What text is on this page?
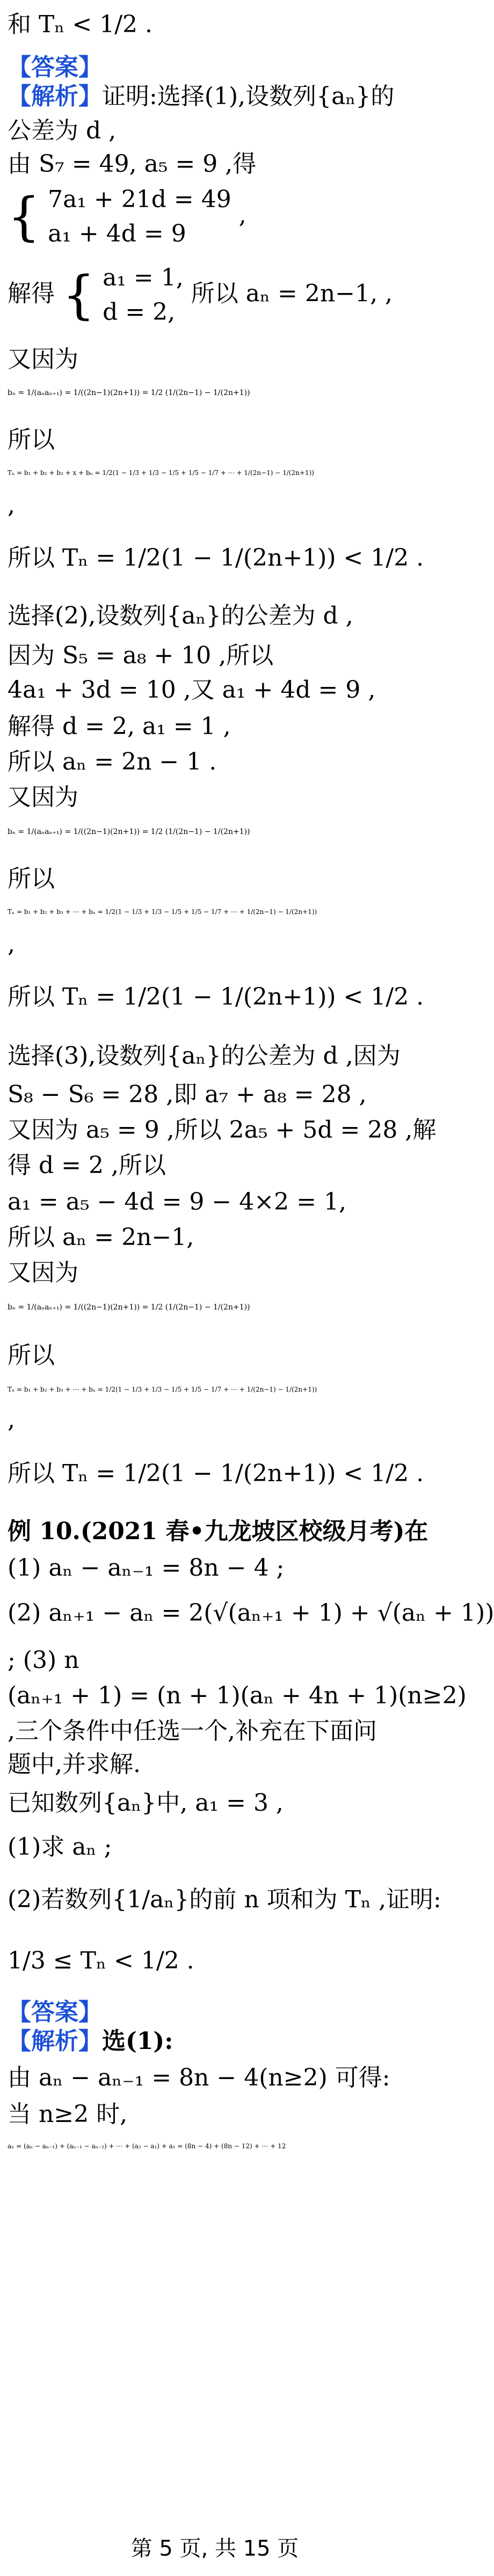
和 Tₙ < 1/2 .
【答案】
【解析】证明:选择(1),设数列{aₙ}的
公差为 d ,
由 S₇ = 49, a₅ = 9 ,得
{ 7a₁ + 21d = 49
a₁ + 4d = 9
,
解得 { a₁ = 1,
d = 2,
所以 aₙ = 2n−1, ,
又因为
bₙ = 1/(aₙaₙ₊₁) = 1/((2n−1)(2n+1)) = 1/2 (1/(2n−1) − 1/(2n+1))
所以
Tₙ = b₁ + b₂ + b₃ + x + bₙ = 1/2(1 − 1/3 + 1/3 − 1/5 + 1/5 − 1/7 + ⋯ + 1/(2n−1) − 1/(2n+1))
,
所以 Tₙ = 1/2(1 − 1/(2n+1)) < 1/2 .
选择(2),设数列{aₙ}的公差为 d ,
因为 S₅ = a₈ + 10 ,所以
4a₁ + 3d = 10 ,又 a₁ + 4d = 9 ,
解得 d = 2, a₁ = 1 ,
所以 aₙ = 2n − 1 .
又因为
bₙ = 1/(aₙaₙ₊₁) = 1/((2n−1)(2n+1)) = 1/2 (1/(2n−1) − 1/(2n+1))
所以
Tₙ = b₁ + b₂ + b₃ + ⋯ + bₙ = 1/2(1 − 1/3 + 1/3 − 1/5 + 1/5 − 1/7 + ⋯ + 1/(2n−1) − 1/(2n+1))
,
所以 Tₙ = 1/2(1 − 1/(2n+1)) < 1/2 .
选择(3),设数列{aₙ}的公差为 d ,因为
S₈ − S₆ = 28 ,即 a₇ + a₈ = 28 ,
又因为 a₅ = 9 ,所以 2a₅ + 5d = 28 ,解
得 d = 2 ,所以
a₁ = a₅ − 4d = 9 − 4×2 = 1,
所以 aₙ = 2n−1,
又因为
bₙ = 1/(aₙaₙ₊₁) = 1/((2n−1)(2n+1)) = 1/2 (1/(2n−1) − 1/(2n+1))
所以
Tₙ = b₁ + b₂ + b₃ + ⋯ + bₙ = 1/2(1 − 1/3 + 1/3 − 1/5 + 1/5 − 1/7 + ⋯ + 1/(2n−1) − 1/(2n+1))
,
所以 Tₙ = 1/2(1 − 1/(2n+1)) < 1/2 .
例 10.(2021 春•九龙坡区校级月考)在
(1) aₙ − aₙ₋₁ = 8n − 4 ;
(2) aₙ₊₁ − aₙ = 2(√(aₙ₊₁ + 1) + √(aₙ + 1))
; (3) n
(aₙ₊₁ + 1) = (n + 1)(aₙ + 4n + 1)(n≥2)
,三个条件中任选一个,补充在下面问
题中,并求解.
已知数列{aₙ}中, a₁ = 3 ,
(1)求 aₙ ;
(2)若数列{1/aₙ}的前 n 项和为 Tₙ ,证明:
1/3 ≤ Tₙ < 1/2 .
【答案】
【解析】选(1):
由 aₙ − aₙ₋₁ = 8n − 4(n≥2) 可得:
当 n≥2 时,
aₙ = (aₙ − aₙ₋₁) + (aₙ₋₁ − aₙ₋₂) + ⋯ + (a₂ − a₁) + a₁ = (8n − 4) + (8n − 12) + ⋯ + 12
第 5 页, 共 15 页
